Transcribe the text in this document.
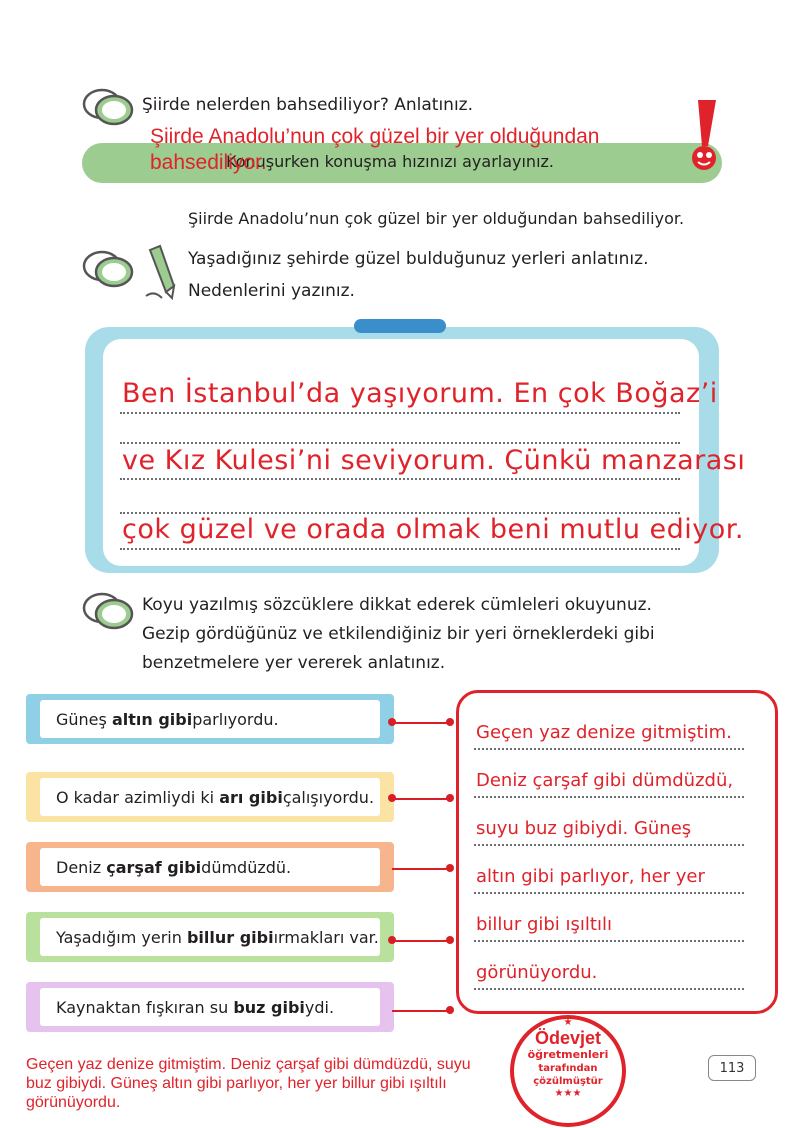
Şiirde nelerden bahsediliyor? Anlatınız.
Konuşurken konuşma hızınızı ayarlayınız.
Şiirde Anadolu’nun çok güzel bir yer olduğundan bahsediliyor.
Şiirde Anadolu’nun çok güzel bir yer olduğundan bahsediliyor.
Yaşadığınız şehirde güzel bulduğunuz yerleri anlatınız.
Nedenlerini yazınız.
Ben İstanbul’da yaşıyorum. En çok Boğaz’i
ve Kız Kulesi’ni seviyorum. Çünkü manzarası
çok güzel ve orada olmak beni mutlu ediyor.
Koyu yazılmış sözcüklere dikkat ederek cümleleri okuyunuz.
Gezip gördüğünüz ve etkilendiğiniz bir yeri örneklerdeki gibi
benzetmelere yer vererek anlatınız.
Güneş
altın gibi parlıyordu.
O kadar azimliydi ki
arı gibi çalışıyordu.
Deniz
çarşaf gibi dümdüzdü.
Yaşadığım yerin
billur gibi ırmakları var.
Kaynaktan fışkıran su
buz gibi ydi.
Geçen yaz denize gitmiştim.
Deniz çarşaf gibi dümdüzdü,
suyu buz gibiydi. Güneş
altın gibi parlıyor, her yer
billur gibi ışıltılı
görünüyordu.
Geçen yaz denize gitmiştim. Deniz çarşaf gibi dümdüzdü, suyu buz gibiydi. Güneş altın gibi parlıyor, her yer billur gibi ışıltılı görünüyordu.
★
Ödevjet
öğretmenleri
tarafından
çözülmüştür
★★★
113
